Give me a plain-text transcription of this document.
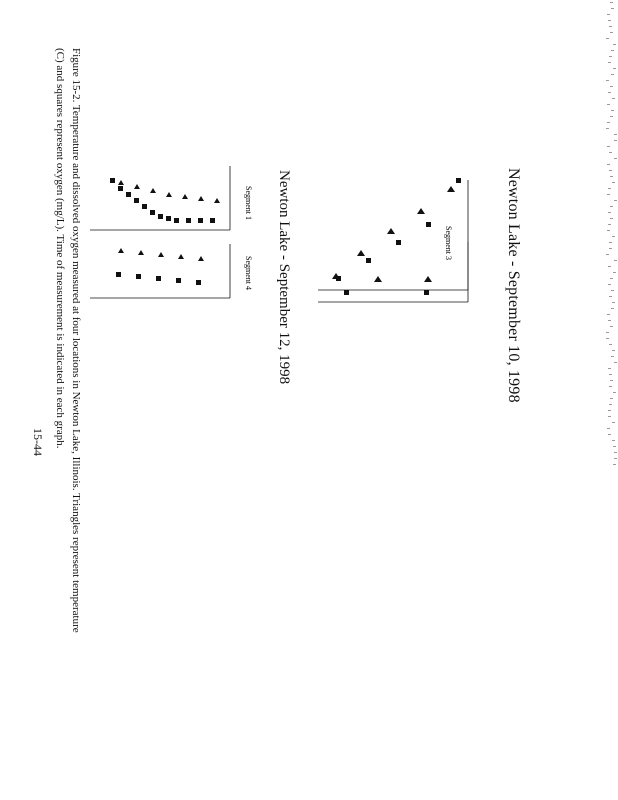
Newton Lake - September 10, 1998
Newton Lake - September 12, 1998
Figure 15-2. Temperature and dissolved oxygen measured at four locations in Newton Lake, Illinois. Triangles represent temperature
(C) and squares represent oxygen (mg/L). Time of measurement is indicated in each graph.
15-44
Segment 3
Segment 1
Segment 4
